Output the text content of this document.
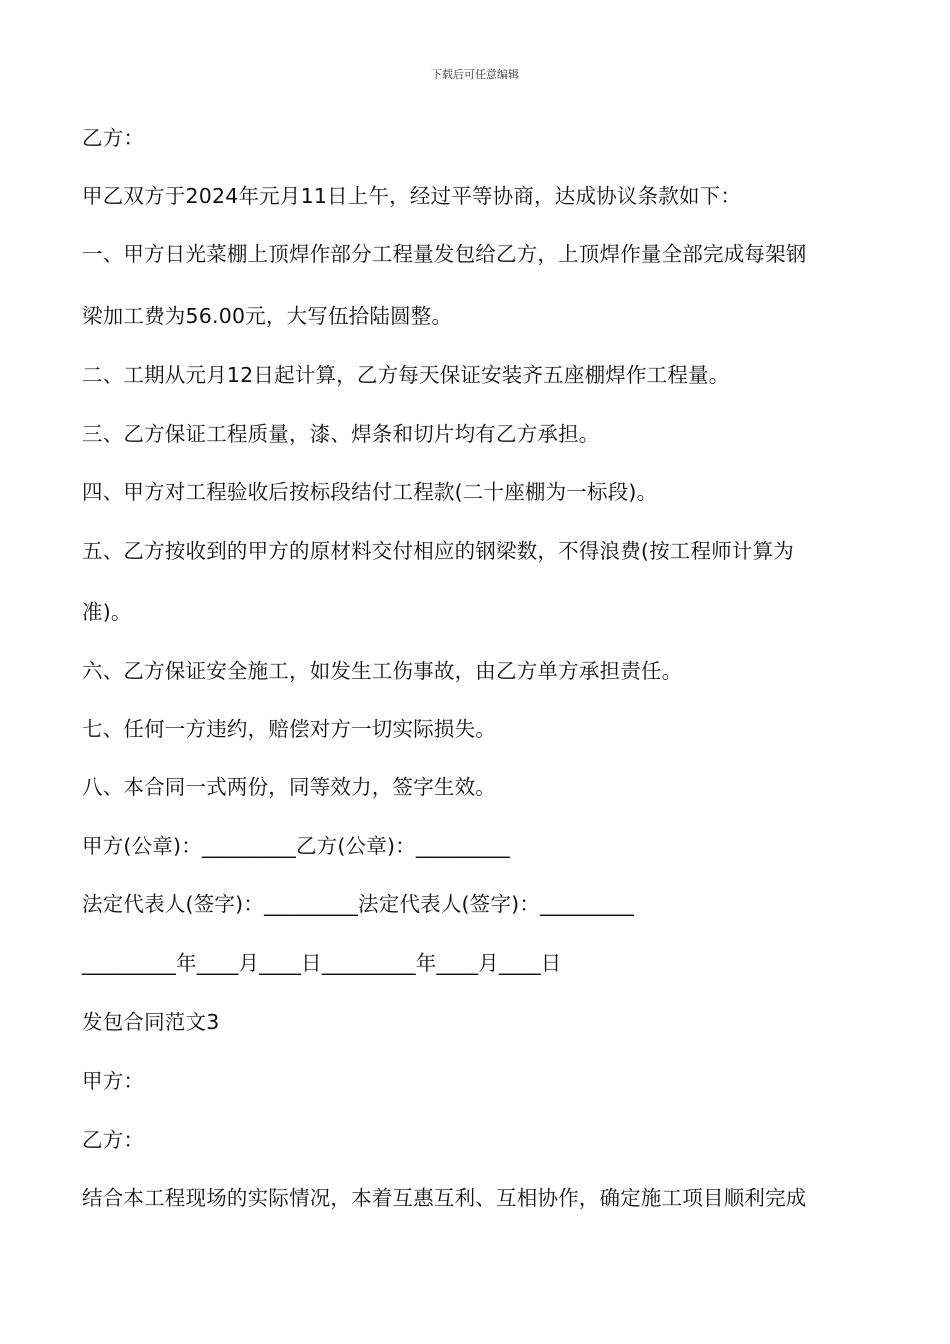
下载后可任意编辑
乙方：
甲乙双方于2024年元月11日上午，经过平等协商，达成协议条款如下：
一、甲方日光菜棚上顶焊作部分工程量发包给乙方，上顶焊作量全部完成每架钢
梁加工费为56.00元，大写伍拾陆圆整。
二、工期从元月12日起计算，乙方每天保证安装齐五座棚焊作工程量。
三、乙方保证工程质量，漆、焊条和切片均有乙方承担。
四、甲方对工程验收后按标段结付工程款(二十座棚为一标段)。
五、乙方按收到的甲方的原材料交付相应的钢梁数，不得浪费(按工程师计算为
准)。
六、乙方保证安全施工，如发生工伤事故，由乙方单方承担责任。
七、任何一方违约，赔偿对方一切实际损失。
八、本合同一式两份，同等效力，签字生效。
甲方(公章)：_________乙方(公章)：_________
法定代表人(签字)：_________法定代表人(签字)：_________
_________年____月____日_________年____月____日
发包合同范文3
甲方：
乙方：
结合本工程现场的实际情况，本着互惠互利、互相协作，确定施工项目顺利完成
